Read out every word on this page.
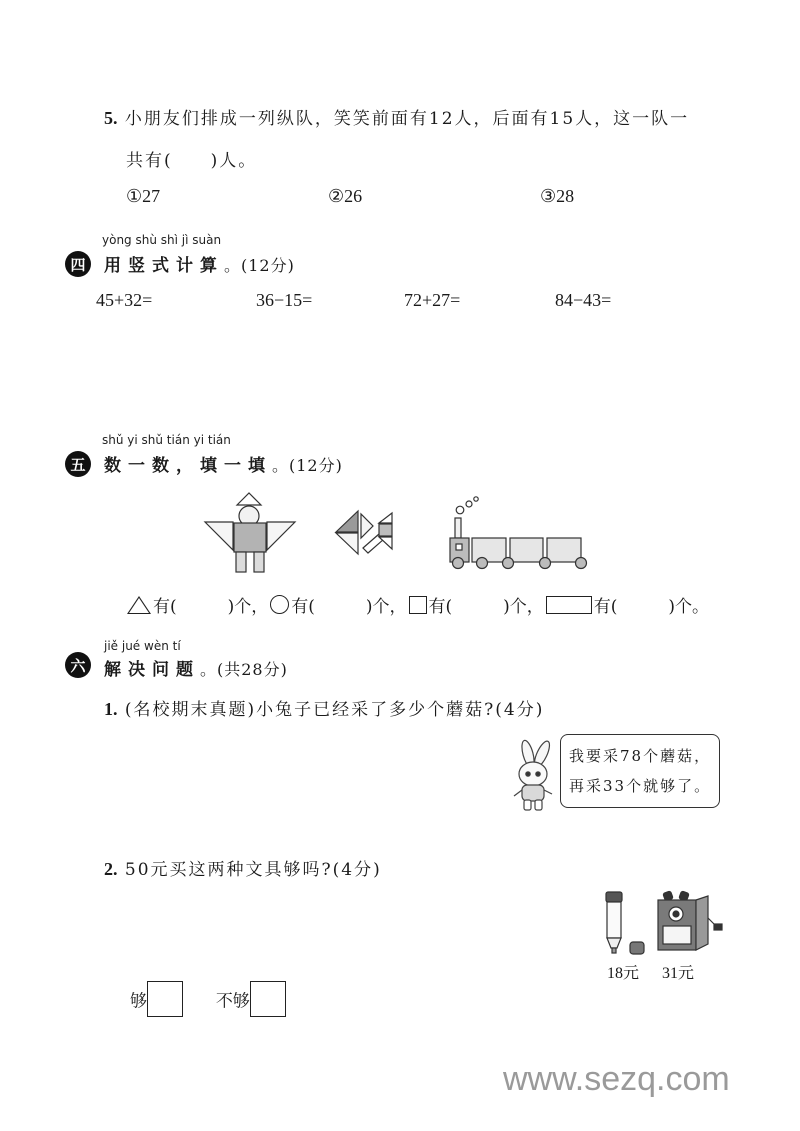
5. 小朋友们排成一列纵队，笑笑前面有12人，后面有15人，这一队一
共有(　　)人。
①27	②26	③28
四
yòng shù shì jì suàn
用竖式计算。(12分)
45+32=	36−15=	72+27=	84−43=
五
shǔ yi shǔ tián yi tián
数一数，填一填。(12分)
有(　　　)个， 有(　　　)个， 有(　　　)个，	有(　　　)个。
六
jiě jué wèn tí
解决问题。(共28分)
1. (名校期末真题)小兔子已经采了多少个蘑菇?(4分)
我要采78个蘑菇，
再采33个就够了。
2. 50元买这两种文具够吗?(4分)
18元 31元
够	不够
www.sezq.com
